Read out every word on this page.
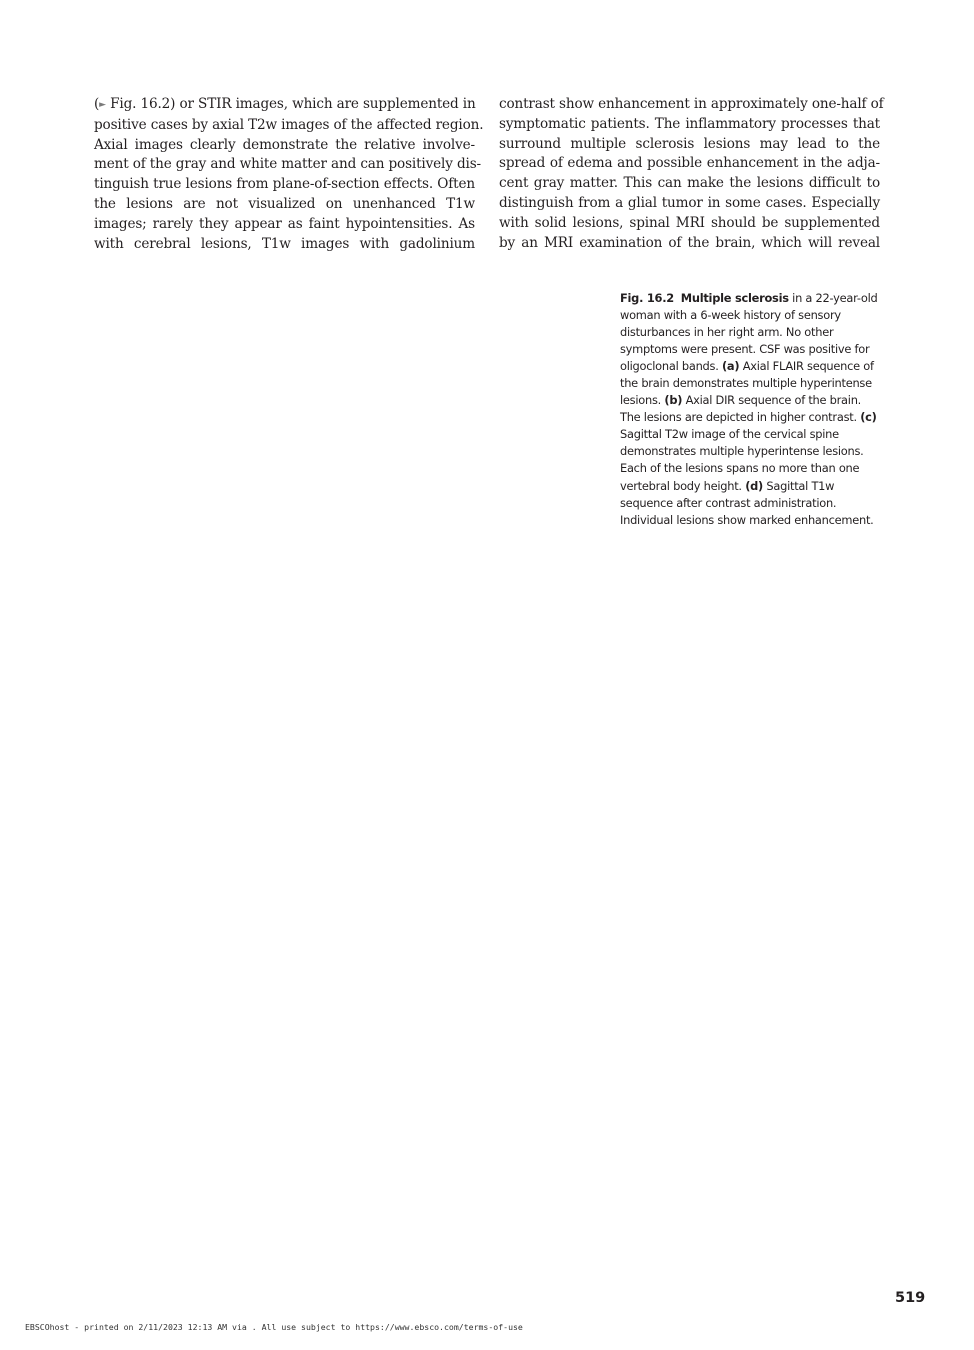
(► Fig. 16.2) or STIR images, which are supplemented in
positive cases by axial T2w images of the affected region.
Axial images clearly demonstrate the relative involve-
ment of the gray and white matter and can positively dis-
tinguish true lesions from plane-of-section effects. Often
the lesions are not visualized on unenhanced T1w
images; rarely they appear as faint hypointensities. As
with cerebral lesions, T1w images with gadolinium
contrast show enhancement in approximately one-half of
symptomatic patients. The inflammatory processes that
surround multiple sclerosis lesions may lead to the
spread of edema and possible enhancement in the adja-
cent gray matter. This can make the lesions difficult to
distinguish from a glial tumor in some cases. Especially
with solid lesions, spinal MRI should be supplemented
by an MRI examination of the brain, which will reveal
Fig. 16.2 Multiple sclerosis in a 22-year-old woman with a 6-week history of sensory disturbances in her right arm. No other symptoms were present. CSF was positive for oligoclonal bands. (a) Axial FLAIR sequence of the brain demonstrates multiple hyperintense lesions. (b) Axial DIR sequence of the brain. The lesions are depicted in higher contrast. (c) Sagittal T2w image of the cervical spine demonstrates multiple hyperintense lesions. Each of the lesions spans no more than one vertebral body height. (d) Sagittal T1w sequence after contrast administration. Individual lesions show marked enhancement.
519
EBSCOhost - printed on 2/11/2023 12:13 AM via . All use subject to https://www.ebsco.com/terms-of-use
